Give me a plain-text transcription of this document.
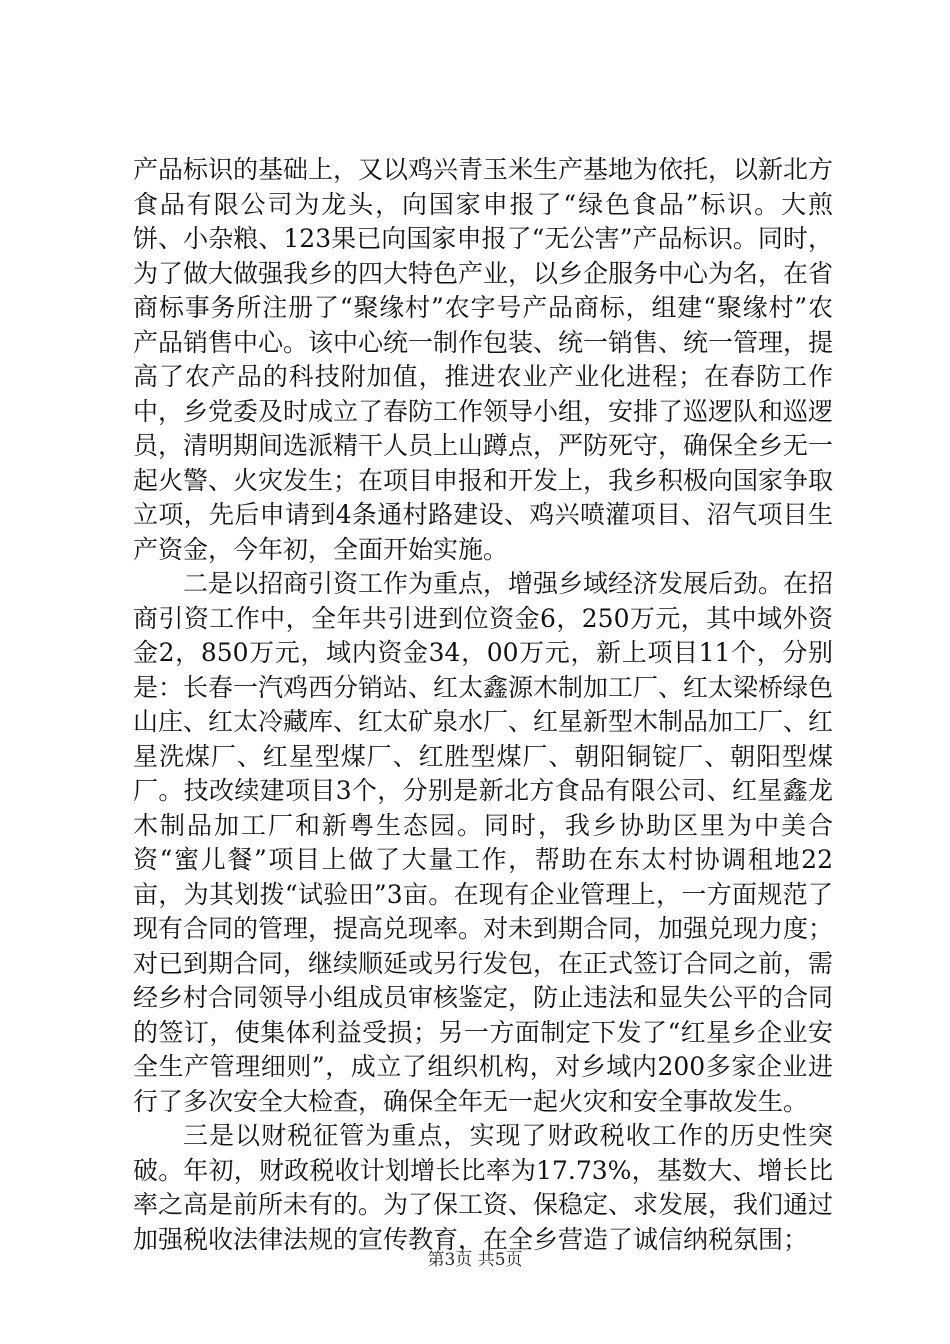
产品标识的基础上，又以鸡兴青玉米生产基地为依托，以新北方食品有限公司为龙头，向国家申报了“绿色食品”标识。大煎饼、小杂粮、123果已向国家申报了“无公害”产品标识。同时，为了做大做强我乡的四大特色产业，以乡企服务中心为名，在省商标事务所注册了“聚缘村”农字号产品商标，组建“聚缘村”农产品销售中心。该中心统一制作包装、统一销售、统一管理，提高了农产品的科技附加值，推进农业产业化进程；在春防工作中，乡党委及时成立了春防工作领导小组，安排了巡逻队和巡逻员，清明期间选派精干人员上山蹲点，严防死守，确保全乡无一起火警、火灾发生；在项目申报和开发上，我乡积极向国家争取立项，先后申请到4条通村路建设、鸡兴喷灌项目、沼气项目生产资金，今年初，全面开始实施。

二是以招商引资工作为重点，增强乡域经济发展后劲。在招商引资工作中，全年共引进到位资金6，250万元，其中域外资金2，850万元，域内资金34，00万元，新上项目11个，分别是：长春一汽鸡西分销站、红太鑫源木制加工厂、红太梁桥绿色山庄、红太冷藏库、红太矿泉水厂、红星新型木制品加工厂、红星洗煤厂、红星型煤厂、红胜型煤厂、朝阳铜锭厂、朝阳型煤厂。技改续建项目3个，分别是新北方食品有限公司、红星鑫龙木制品加工厂和新粤生态园。同时，我乡协助区里为中美合资“蜜儿餐”项目上做了大量工作，帮助在东太村协调租地22亩，为其划拨“试验田”3亩。在现有企业管理上，一方面规范了现有合同的管理，提高兑现率。对未到期合同，加强兑现力度；对已到期合同，继续顺延或另行发包，在正式签订合同之前，需经乡村合同领导小组成员审核鉴定，防止违法和显失公平的合同的签订，使集体利益受损；另一方面制定下发了“红星乡企业安全生产管理细则”，成立了组织机构，对乡域内200多家企业进行了多次安全大检查，确保全年无一起火灾和安全事故发生。

三是以财税征管为重点，实现了财政税收工作的历史性突破。年初，财政税收计划增长比率为17.73%，基数大、增长比率之高是前所未有的。为了保工资、保稳定、求发展，我们通过加强税收法律法规的宣传教育，在全乡营造了诚信纳税氛围；

第3页 共5页
